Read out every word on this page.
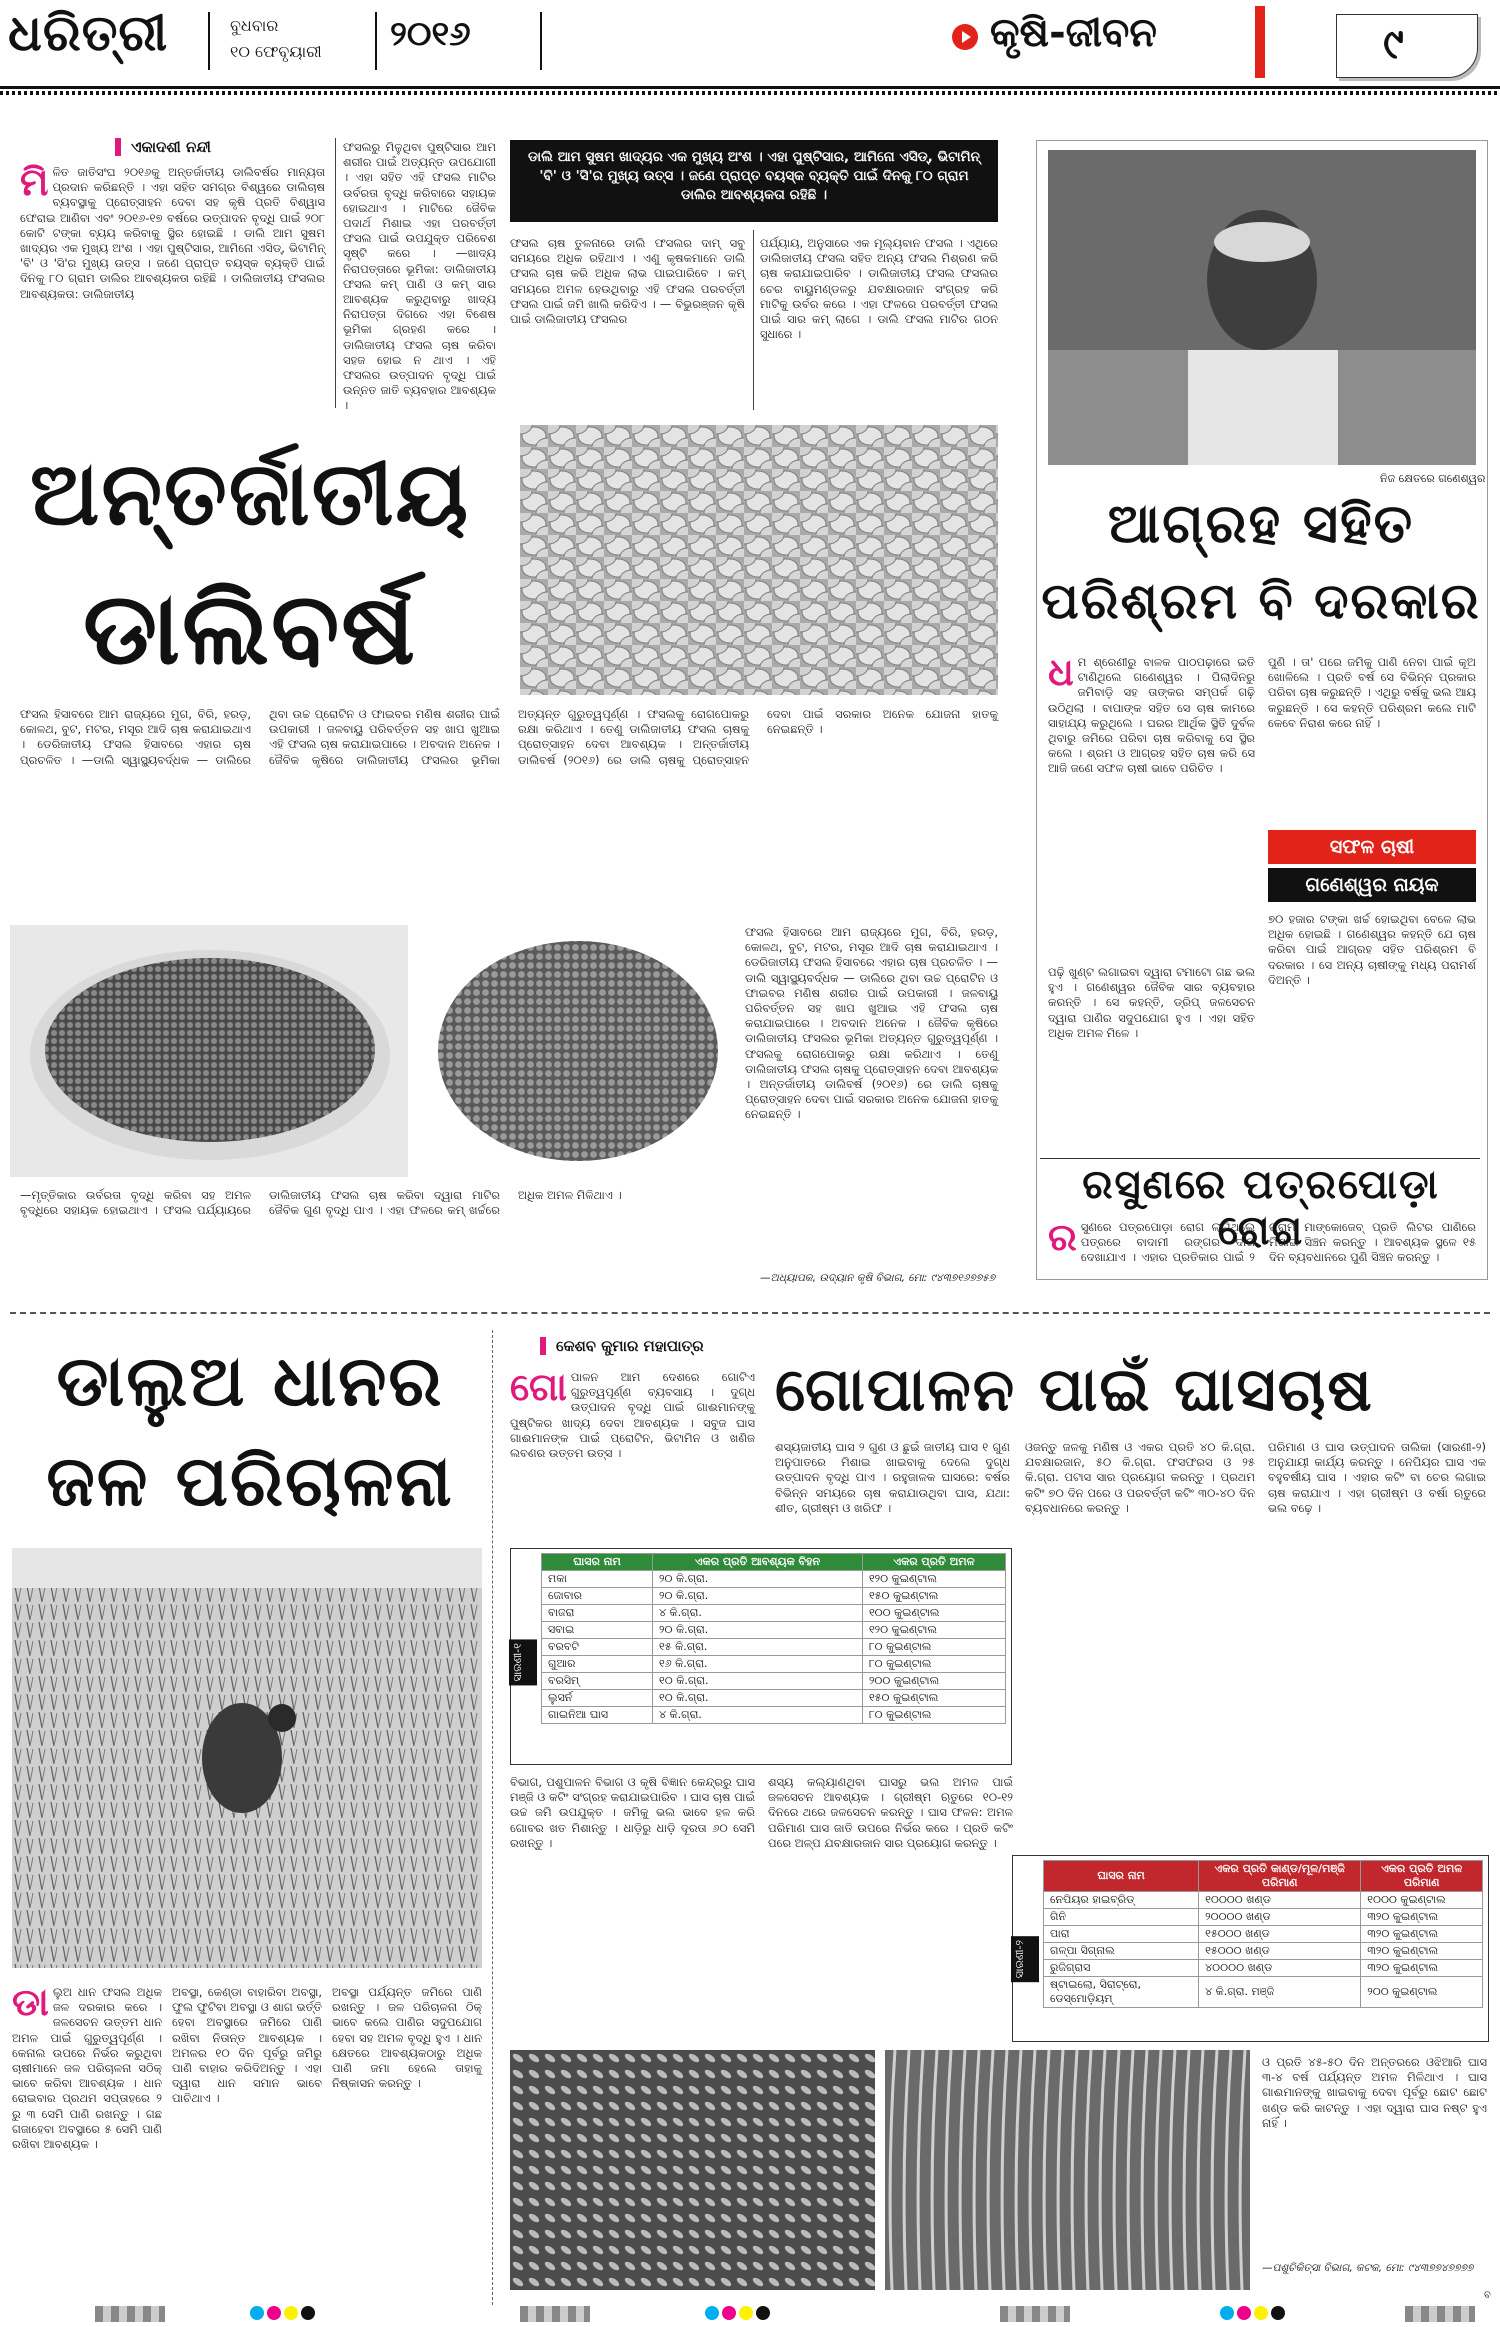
ଧରିତ୍ରୀ	ବୁଧବାର
୧୦ ଫେବୃୟାରୀ ୨୦୧୬	କୃଷି-ଜୀବନ	୯
ଏକାଦଶୀ ନନ୍ଦୀ
ମି ଳିତ ଜାତିସଂଘ ୨୦୧୬କୁ ଅନ୍ତର୍ଜାତୀୟ ଡାଲିବର୍ଷର ମାନ୍ୟତା ପ୍ରଦାନ କରିଛନ୍ତି । ଏହା ସହିତ ସମଗ୍ର ବିଶ୍ୱରେ ଡାଲିଚାଷ ବ୍ୟବସ୍ଥାକୁ ପ୍ରୋତ୍ସାହନ ଦେବା ସହ କୃଷି ପ୍ରତି ବିଶ୍ୱାସ ଫେରାଇ ଆଣିବା ଏବଂ ୨୦୧୬-୧୭ ବର୍ଷରେ ଉତ୍ପାଦନ ବୃଦ୍ଧି ପାଇଁ ୨୦୮ କୋଟି ଟଙ୍କା ବ୍ୟୟ କରିବାକୁ ସ୍ଥିର ହୋଇଛି । ଡାଲି ଆମ ସୁଷମ ଖାଦ୍ୟର ଏକ ମୁଖ୍ୟ ଅଂଶ । ଏହା ପୁଷ୍ଟିସାର, ଆମିନୋ ଏସିଡ୍, ଭିଟାମିନ୍ 'ବି' ଓ 'ସି'ର ମୁଖ୍ୟ ଉତ୍ସ । ଜଣେ ପ୍ରାପ୍ତ ବୟସ୍କ ବ୍ୟକ୍ତି ପାଇଁ ଦିନକୁ ୮୦ ଗ୍ରାମ ଡାଲିର ଆବଶ୍ୟକତା ରହିଛି । ଡାଲିଜାତୀୟ ଫସଲର ଆବଶ୍ୟକତା: ଡାଲିଜାତୀୟ
ଫସଲରୁ ମିଳୁଥିବା ପୁଷ୍ଟିସାର ଆମ ଶରୀର ପାଇଁ ଅତ୍ୟନ୍ତ ଉପଯୋଗୀ । ଏହା ସହିତ ଏହି ଫସଲ ମାଟିର ଉର୍ବରତା ବୃଦ୍ଧି କରିବାରେ ସହାୟକ ହୋଇଥାଏ । ମାଟିରେ ଜୈବିକ ପଦାର୍ଥ ମିଶାଇ ଏହା ପରବର୍ତ୍ତୀ ଫସଲ ପାଇଁ ଉପଯୁକ୍ତ ପରିବେଶ ସୃଷ୍ଟି କରେ । —ଖାଦ୍ୟ ନିରାପତ୍ତାରେ ଭୂମିକା: ଡାଲିଜାତୀୟ ଫସଲ କମ୍ ପାଣି ଓ କମ୍ ସାର ଆବଶ୍ୟକ କରୁଥିବାରୁ ଖାଦ୍ୟ ନିରାପତ୍ତା ଦିଗରେ ଏହା ବିଶେଷ ଭୂମିକା ଗ୍ରହଣ କରେ । ଡାଲିଜାତୀୟ ଫସଲ ଚାଷ କରିବା ସହଜ ହୋଇ ନ ଥାଏ । ଏହି ଫସଲର ଉତ୍ପାଦନ ବୃଦ୍ଧି ପାଇଁ ଉନ୍ନତ ଜାତି ବ୍ୟବହାର ଆବଶ୍ୟକ ।
ଡାଲି ଆମ ସୁଷମ ଖାଦ୍ୟର ଏକ ମୁଖ୍ୟ ଅଂଶ । ଏହା ପୁଷ୍ଟିସାର, ଆମିନୋ ଏସିଡ୍, ଭିଟାମିନ୍ 'ବି' ଓ 'ସି'ର ମୁଖ୍ୟ ଉତ୍ସ । ଜଣେ ପ୍ରାପ୍ତ ବୟସ୍କ ବ୍ୟକ୍ତି ପାଇଁ ଦିନକୁ ୮୦ ଗ୍ରାମ ଡାଲିର ଆବଶ୍ୟକତା ରହିଛି ।
ଫସଲ ଚାଷ ତୁଳନାରେ ଡାଲି ଫସଲର ଦାମ୍ ସବୁ ସମୟରେ ଅଧିକ ରହିଥାଏ । ଏଣୁ କୃଷକମାନେ ଡାଲି ଫସଲ ଚାଷ କରି ଅଧିକ ଲାଭ ପାଇପାରିବେ । କମ୍ ସମୟରେ ଅମଳ ହେଉଥିବାରୁ ଏହି ଫସଲ ପରବର୍ତ୍ତୀ ଫସଲ ପାଇଁ ଜମି ଖାଲି କରିଦିଏ । — ବିଭୁରଞ୍ଜନ କୃଷି ପାଇଁ ଡାଲିଜାତୀୟ ଫସଲର
ପର୍ଯ୍ୟାୟ, ଅନୁସାରେ ଏକ ମୂଲ୍ୟବାନ ଫସଲ । ଏଥିରେ ଡାଲିଜାତୀୟ ଫସଲ ସହିତ ଅନ୍ୟ ଫସଲ ମିଶ୍ରଣ କରି ଚାଷ କରାଯାଇପାରିବ । ଡାଲିଜାତୀୟ ଫସଲ ଫସଲର ଚେର ବାୟୁମଣ୍ଡଳରୁ ଯବକ୍ଷାରଜାନ ସଂଗ୍ରହ କରି ମାଟିକୁ ଉର୍ବର କରେ । ଏହା ଫଳରେ ପରବର୍ତ୍ତୀ ଫସଲ ପାଇଁ ସାର କମ୍ ଲାଗେ । ଡାଲି ଫସଲ ମାଟିର ଗଠନ ସୁଧାରେ ।
ଅନ୍ତର୍ଜାତୀୟ
ଡାଲିବର୍ଷ
ଫସଲ ହିସାବରେ ଆମ ରାଜ୍ୟରେ ମୁଗ, ବିରି, ହରଡ଼, କୋଳଥ, ବୁଟ, ମଟର, ମସୂର ଆଦି ଚାଷ କରାଯାଇଥାଏ । ଡେରିଜାତୀୟ ଫସଲ ହିସାବରେ ଏହାର ଚାଷ ପ୍ରଚଳିତ । —ଡାଲି ସ୍ୱାସ୍ଥ୍ୟବର୍ଦ୍ଧକ — ଡାଲିରେ ଥିବା ଉଚ୍ଚ ପ୍ରୋଟିନ ଓ ଫାଇବର ମଣିଷ ଶରୀର ପାଇଁ ଉପକାରୀ । ଜଳବାୟୁ ପରିବର୍ତ୍ତନ ସହ ଖାପ ଖୁଆଇ ଏହି ଫସଲ ଚାଷ କରାଯାଇପାରେ । ଅବଦାନ ଅନେକ । ଜୈବିକ କୃଷିରେ ଡାଲିଜାତୀୟ ଫସଲର ଭୂମିକା ଅତ୍ୟନ୍ତ ଗୁରୁତ୍ୱପୂର୍ଣ୍ଣ । ଫସଲକୁ ରୋଗପୋକରୁ ରକ୍ଷା କରିଥାଏ । ତେଣୁ ଡାଲିଜାତୀୟ ଫସଲ ଚାଷକୁ ପ୍ରୋତ୍ସାହନ ଦେବା ଆବଶ୍ୟକ । ଅନ୍ତର୍ଜାତୀୟ ଡାଲିବର୍ଷ (୨୦୧୬) ରେ ଡାଲି ଚାଷକୁ ପ୍ରୋତ୍ସାହନ ଦେବା ପାଇଁ ସରକାର ଅନେକ ଯୋଜନା ହାତକୁ ନେଇଛନ୍ତି ।
ଫସଲ ହିସାବରେ ଆମ ରାଜ୍ୟରେ ମୁଗ, ବିରି, ହରଡ଼, କୋଳଥ, ବୁଟ, ମଟର, ମସୂର ଆଦି ଚାଷ କରାଯାଇଥାଏ । ଡେରିଜାତୀୟ ଫସଲ ହିସାବରେ ଏହାର ଚାଷ ପ୍ରଚଳିତ । —ଡାଲି ସ୍ୱାସ୍ଥ୍ୟବର୍ଦ୍ଧକ — ଡାଲିରେ ଥିବା ଉଚ୍ଚ ପ୍ରୋଟିନ ଓ ଫାଇବର ମଣିଷ ଶରୀର ପାଇଁ ଉପକାରୀ । ଜଳବାୟୁ ପରିବର୍ତ୍ତନ ସହ ଖାପ ଖୁଆଇ ଏହି ଫସଲ ଚାଷ କରାଯାଇପାରେ । ଅବଦାନ ଅନେକ । ଜୈବିକ କୃଷିରେ ଡାଲିଜାତୀୟ ଫସଲର ଭୂମିକା ଅତ୍ୟନ୍ତ ଗୁରୁତ୍ୱପୂର୍ଣ୍ଣ । ଫସଲକୁ ରୋଗପୋକରୁ ରକ୍ଷା କରିଥାଏ । ତେଣୁ ଡାଲିଜାତୀୟ ଫସଲ ଚାଷକୁ ପ୍ରୋତ୍ସାହନ ଦେବା ଆବଶ୍ୟକ । ଅନ୍ତର୍ଜାତୀୟ ଡାଲିବର୍ଷ (୨୦୧୬) ରେ ଡାଲି ଚାଷକୁ ପ୍ରୋତ୍ସାହନ ଦେବା ପାଇଁ ସରକାର ଅନେକ ଯୋଜନା ହାତକୁ ନେଇଛନ୍ତି ।
—ମୃତ୍ତିକାର ଉର୍ବରତା ବୃଦ୍ଧି କରିବା ସହ ଅମଳ ବୃଦ୍ଧିରେ ସହାୟକ ହୋଇଥାଏ । ଫସଲ ପର୍ଯ୍ୟାୟରେ ଡାଲିଜାତୀୟ ଫସଲ ଚାଷ କରିବା ଦ୍ୱାରା ମାଟିର ଜୈବିକ ଗୁଣ ବୃଦ୍ଧି ପାଏ । ଏହା ଫଳରେ କମ୍ ଖର୍ଚ୍ଚରେ ଅଧିକ ଅମଳ ମିଳିଥାଏ ।
—ଅଧ୍ୟାପକ, ଉଦ୍ୟାନ କୃଷି ବିଭାଗ, ମୋ: ୯୪୩୭୧୬୭୭୫୭
ନିଜ କ୍ଷେତରେ ଗଣେଶ୍ୱର
ଆଗ୍ରହ ସହିତ
ପରିଶ୍ରମ ବି ଦରକାର
ଧ ମ ଶ୍ରେଣୀରୁ ବାଳକ ପାଠପଢ଼ାରେ ଇତି ଟାଣିଥିଲେ ଗଣେଶ୍ୱର । ପିଲାଦିନରୁ ଜମିବାଡ଼ି ସହ ତାଙ୍କର ସମ୍ପର୍କ ଗଢ଼ି ଉଠିଥିଲା । ବାପାଙ୍କ ସହିତ ସେ ଚାଷ କାମରେ ସାହାଯ୍ୟ କରୁଥିଲେ । ଘରର ଆର୍ଥିକ ସ୍ଥିତି ଦୁର୍ବଳ ଥିବାରୁ ଜମିରେ ପରିବା ଚାଷ କରିବାକୁ ସେ ସ୍ଥିର କଲେ । ଶ୍ରମ ଓ ଆଗ୍ରହ ସହିତ ଚାଷ କରି ସେ ଆଜି ଜଣେ ସଫଳ ଚାଷୀ ଭାବେ ପରିଚିତ ।
ପୁଣି । ତା' ପରେ ଜମିକୁ ପାଣି ନେବା ପାଇଁ କୂଅ ଖୋଳିଲେ । ପ୍ରତି ବର୍ଷ ସେ ବିଭିନ୍ନ ପ୍ରକାର ପରିବା ଚାଷ କରୁଛନ୍ତି । ଏଥିରୁ ବର୍ଷକୁ ଭଲ ଆୟ କରୁଛନ୍ତି । ସେ କହନ୍ତି ପରିଶ୍ରମ କଲେ ମାଟି କେବେ ନିରାଶ କରେ ନାହିଁ ।
ସଫଳ ଚାଷୀ
ଗଣେଶ୍ୱର ନାୟକ
ପଢ଼ି ଖୁଣ୍ଟ ଲଗାଇବା ଦ୍ୱାରା ଟମାଟୋ ଗଛ ଭଲ ହୁଏ । ଗଣେଶ୍ୱର ଜୈବିକ ସାର ବ୍ୟବହାର କରନ୍ତି । ସେ କହନ୍ତି, ଡ୍ରିପ୍ ଜଳସେଚନ ଦ୍ୱାରା ପାଣିର ସଦୁପଯୋଗ ହୁଏ । ଏହା ସହିତ ଅଧିକ ଅମଳ ମିଳେ ।
୭୦ ହଜାର ଟଙ୍କା ଖର୍ଚ୍ଚ ହୋଇଥିବା ବେଳେ ଲାଭ ଅଧିକ ହୋଇଛି । ଗଣେଶ୍ୱର କହନ୍ତି ଯେ ଚାଷ କରିବା ପାଇଁ ଆଗ୍ରହ ସହିତ ପରିଶ୍ରମ ବି ଦରକାର । ସେ ଅନ୍ୟ ଚାଷୀଙ୍କୁ ମଧ୍ୟ ପରାମର୍ଶ ଦିଅନ୍ତି ।
ରସୁଣରେ ପତ୍ରପୋଡ଼ା ରୋଗ
ର ସୁଣରେ ପତ୍ରପୋଡ଼ା ରୋଗ ଲାଗିଥିଲେ ପତ୍ରରେ ବାଦାମୀ ରଙ୍ଗର ଦାଗ ଦେଖାଯାଏ । ଏହାର ପ୍ରତିକାର ପାଇଁ ୨ ଗ୍ରାମ ମାଙ୍କୋଜେବ୍ ପ୍ରତି ଲିଟର ପାଣିରେ ମିଶାଇ ସିଞ୍ଚନ କରନ୍ତୁ । ଆବଶ୍ୟକ ସ୍ଥଳେ ୧୫ ଦିନ ବ୍ୟବଧାନରେ ପୁଣି ସିଞ୍ଚନ କରନ୍ତୁ ।
ଡାଲୁଅ ଧାନର
ଜଳ ପରିଚାଳନା
ଡା ଲୁଅ ଧାନ ଫସଲ ଅଧିକ ଜଳ ଦରକାର କରେ । ଜଳସେଚନ ଉତ୍ତମ ଧାନ ଅମଳ ପାଇଁ ଗୁରୁତ୍ୱପୂର୍ଣ୍ଣ । କେନାଲ ଉପରେ ନିର୍ଭର କରୁଥିବା ଚାଷୀମାନେ ଜଳ ପରିଚାଳନା ସଠିକ୍ ଭାବେ କରିବା ଆବଶ୍ୟକ । ଧାନ ରୋଇବାର ପ୍ରଥମ ସପ୍ତାହରେ ୨ ରୁ ୩ ସେମି ପାଣି ରଖନ୍ତୁ । ଗଛ ଗଜାହେବା ଅବସ୍ଥାରେ ୫ ସେମି ପାଣି ରଖିବା ଆବଶ୍ୟକ ।
ଅବସ୍ଥା, କେଣ୍ଡା ବାହାରିବା ଅବସ୍ଥା, ଫୁଲ ଫୁଟିବା ଅବସ୍ଥା ଓ ଶାଗ ଭର୍ତ୍ତି ହେବା ଅବସ୍ଥାରେ ଜମିରେ ପାଣି ରଖିବା ନିତାନ୍ତ ଆବଶ୍ୟକ । ଅମଳର ୧୦ ଦିନ ପୂର୍ବରୁ ଜମିରୁ ପାଣି ବାହାର କରିଦିଅନ୍ତୁ । ଏହା ଦ୍ୱାରା ଧାନ ସମାନ ଭାବେ ପାଚିଥାଏ ।
ଅବସ୍ଥା ପର୍ଯ୍ୟନ୍ତ ଜମିରେ ପାଣି ରଖନ୍ତୁ । ଜଳ ପରିଚାଳନା ଠିକ୍ ଭାବେ କଲେ ପାଣିର ସଦୁପଯୋଗ ହେବା ସହ ଅମଳ ବୃଦ୍ଧି ହୁଏ । ଧାନ କ୍ଷେତରେ ଆବଶ୍ୟକଠାରୁ ଅଧିକ ପାଣି ଜମା ହେଲେ ତାହାକୁ ନିଷ୍କାସନ କରନ୍ତୁ ।
କେଶବ କୁମାର ମହାପାତ୍ର
ଗୋପାଳନ ପାଇଁ ଘାସଚାଷ
ଗୋ ପାଳନ ଆମ ଦେଶରେ ଗୋଟିଏ ଗୁରୁତ୍ୱପୂର୍ଣ୍ଣ ବ୍ୟବସାୟ । ଦୁଗ୍ଧ ଉତ୍ପାଦନ ବୃଦ୍ଧି ପାଇଁ ଗାଈମାନଙ୍କୁ ପୁଷ୍ଟିକର ଖାଦ୍ୟ ଦେବା ଆବଶ୍ୟକ । ସବୁଜ ଘାସ ଗାଈମାନଙ୍କ ପାଇଁ ପ୍ରୋଟିନ, ଭିଟାମିନ ଓ ଖଣିଜ ଲବଣର ଉତ୍ତମ ଉତ୍ସ ।	ଶସ୍ୟଜାତୀୟ ଘାସ ୨ ଗୁଣ ଓ ଛୁଇଁ ଜାତୀୟ ଘାସ ୧ ଗୁଣ ଅନୁପାତରେ ମିଶାଇ ଖାଇବାକୁ ଦେଲେ ଦୁଗ୍ଧ ଉତ୍ପାଦନ ବୃଦ୍ଧି ପାଏ । ରହୁଜାଳକ ଘାସରେ: ବର୍ଷର ବିଭିନ୍ନ ସମୟରେ ଚାଷ କରାଯାଉଥିବା ଘାସ, ଯଥା: ଶୀତ, ଗ୍ରୀଷ୍ମ ଓ ଖରିଫ ।
ଓଜନ୍ତୁ ଜଳକୁ ମଣିଷ ଓ ଏକର ପ୍ରତି ୪୦ କି.ଗ୍ରା. ଯବକ୍ଷାରଜାନ, ୫୦ କି.ଗ୍ରା. ଫସଫରସ ଓ ୨୫ କି.ଗ୍ରା. ପଟାସ ସାର ପ୍ରୟୋଗ କରନ୍ତୁ । ପ୍ରଥମ କଟିଂ ୭୦ ଦିନ ପରେ ଓ ପରବର୍ତ୍ତୀ କଟିଂ ୩୦-୪୦ ଦିନ ବ୍ୟବଧାନରେ କରନ୍ତୁ ।
ପରିମାଣ ଓ ଘାସ ଉତ୍ପାଦନ ତାଲିକା (ସାରଣୀ-୨) ଅନୁଯାୟୀ କାର୍ଯ୍ୟ କରନ୍ତୁ । ନେପିୟର ଘାସ ଏକ ବହୁବର୍ଷୀୟ ଘାସ । ଏହାର କଟିଂ ବା ଚେର ଲଗାଇ ଚାଷ କରାଯାଏ । ଏହା ଗ୍ରୀଷ୍ମ ଓ ବର୍ଷା ଋତୁରେ ଭଲ ବଢ଼େ ।
ସାରଣୀ-୧
ଘାସର ନାମ	ଏକର ପ୍ରତି ଆବଶ୍ୟକ ବିହନ	ଏକର ପ୍ରତି ଅମଳ
ମକା	୨୦ କି.ଗ୍ରା.	୧୨୦ କୁଇଣ୍ଟାଲ
ଜୋବାର	୨୦ କି.ଗ୍ରା.	୧୫୦ କୁଇଣ୍ଟାଲ
ବାଜରା	୪ କି.ଗ୍ରା.	୧୦୦ କୁଇଣ୍ଟାଲ
ସବାଇ	୨୦ କି.ଗ୍ରା.	୧୨୦ କୁଇଣ୍ଟାଲ
ବରବଟି	୧୫ କି.ଗ୍ରା.	୮୦ କୁଇଣ୍ଟାଲ
ଗୁଆର	୧୬ କି.ଗ୍ରା.	୮୦ କୁଇଣ୍ଟାଲ
ବରସିମ୍	୧୦ କି.ଗ୍ରା.	୨୦୦ କୁଇଣ୍ଟାଲ
ଲୁସର୍ନ	୧୦ କି.ଗ୍ରା.	୧୫୦ କୁଇଣ୍ଟାଲ
ଗାଇନିଆ ଘାସ	୪ କି.ଗ୍ରା.	୮୦ କୁଇଣ୍ଟାଲ
ବିଭାଗ, ପଶୁପାଳନ ବିଭାଗ ଓ କୃଷି ବିଜ୍ଞାନ କେନ୍ଦ୍ରରୁ ଘାସ ମଞ୍ଜି ଓ କଟିଂ ସଂଗ୍ରହ କରାଯାଇପାରିବ । ଘାସ ଚାଷ ପାଇଁ ଉଚ୍ଚ ଜମି ଉପଯୁକ୍ତ । ଜମିକୁ ଭଲ ଭାବେ ହଳ କରି ଗୋବର ଖତ ମିଶାନ୍ତୁ । ଧାଡ଼ିରୁ ଧାଡ଼ି ଦୂରତା ୬୦ ସେମି ରଖନ୍ତୁ ।
ଶସ୍ୟ କଲ୍ୟାଣଥିବା ଘାସରୁ ଭଲ ଅମଳ ପାଇଁ ଜଳସେଚନ ଆବଶ୍ୟକ । ଗ୍ରୀଷ୍ମ ଋତୁରେ ୧୦-୧୨ ଦିନରେ ଥରେ ଜଳସେଚନ କରନ୍ତୁ । ଘାସ ଫଳନ: ଅମଳ ପରିମାଣ ଘାସ ଜାତି ଉପରେ ନିର୍ଭର କରେ । ପ୍ରତି କଟିଂ ପରେ ଅଳ୍ପ ଯବକ୍ଷାରଜାନ ସାର ପ୍ରୟୋଗ କରନ୍ତୁ ।
ସାରଣୀ-୨
ଘାସର ନାମ	ଏକର ପ୍ରତି କାଣ୍ଡ/ମୂଳ/ମଞ୍ଜି ପରିମାଣ	ଏକର ପ୍ରତି ଅମଳ ପରିମାଣ
ନେପିୟର ହାଇବ୍ରିଡ୍	୧୦୦୦୦ ଖଣ୍ଡ	୧୦୦୦ କୁଇଣ୍ଟାଲ
ଗିନି	୨୦୦୦୦ ଖଣ୍ଡ	୩୨୦ କୁଇଣ୍ଟାଲ
ପାରା	୧୫୦୦୦ ଖଣ୍ଡ	୩୨୦ କୁଇଣ୍ଟାଲ
ଗଳ୍ପା ସିଗ୍ନାଲ	୧୫୦୦୦ ଖଣ୍ଡ	୩୨୦ କୁଇଣ୍ଟାଲ
ରୁଜିଗ୍ରାସ	୪୦୦୦୦ ଖଣ୍ଡ	୩୨୦ କୁଇଣ୍ଟାଲ
ଷ୍ଟାଇଲୋ, ସିରାଟ୍ରୋ, ଡେସ୍ମୋଡ଼ିୟମ୍	୪ କି.ଗ୍ରା. ମଞ୍ଜି	୨୦୦ କୁଇଣ୍ଟାଲ
ଓ ପ୍ରତି ୪୫-୫୦ ଦିନ ଅନ୍ତରରେ ଓଝିଆରି ଘାସ ୩-୪ ବର୍ଷ ପର୍ଯ୍ୟନ୍ତ ଅମଳ ମିଳିଥାଏ । ଘାସ ଗାଈମାନଙ୍କୁ ଖାଇବାକୁ ଦେବା ପୂର୍ବରୁ ଛୋଟ ଛୋଟ ଖଣ୍ଡ କରି କାଟନ୍ତୁ । ଏହା ଦ୍ୱାରା ଘାସ ନଷ୍ଟ ହୁଏ ନାହିଁ ।
—ପଶୁଚିକିତ୍ସା ବିଭାଗ, କଟକ, ମୋ: ୯୪୩୭୭୪୭୭୭୭
ବ
